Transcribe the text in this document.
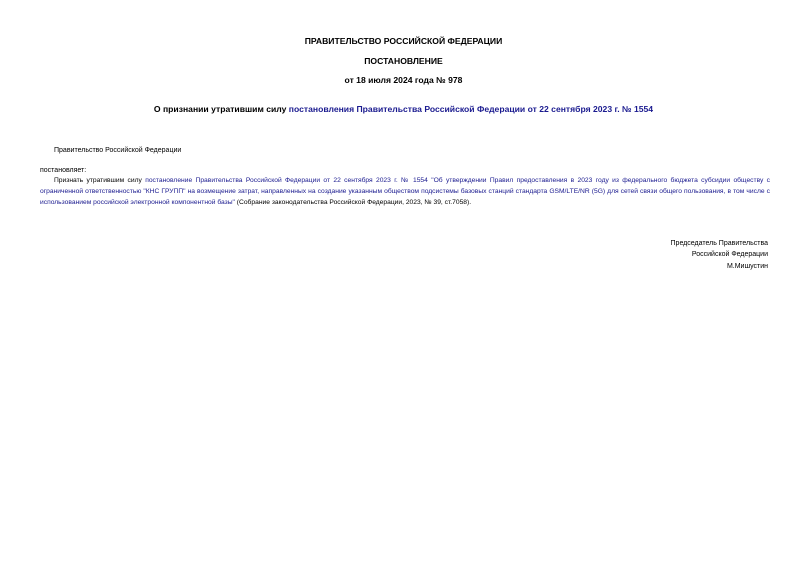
ПРАВИТЕЛЬСТВО РОССИЙСКОЙ ФЕДЕРАЦИИ
ПОСТАНОВЛЕНИЕ
от 18 июля 2024 года № 978
О признании утратившим силу постановления Правительства Российской Федерации от 22 сентября 2023 г. № 1554
Правительство Российской Федерации
постановляет:
Признать утратившим силу постановление Правительства Российской Федерации от 22 сентября 2023 г. № 1554 "Об утверждении Правил предоставления в 2023 году из федерального бюджета субсидии обществу с ограниченной ответственностью "КНС ГРУПП" на возмещение затрат, направленных на создание указанным обществом подсистемы базовых станций стандарта GSM/LTE/NR (5G) для сетей связи общего пользования, в том числе с использованием российской электронной компонентной базы" (Собрание законодательства Российской Федерации, 2023, № 39, ст.7058).
Председатель Правительства
Российской Федерации
М.Мишустин
